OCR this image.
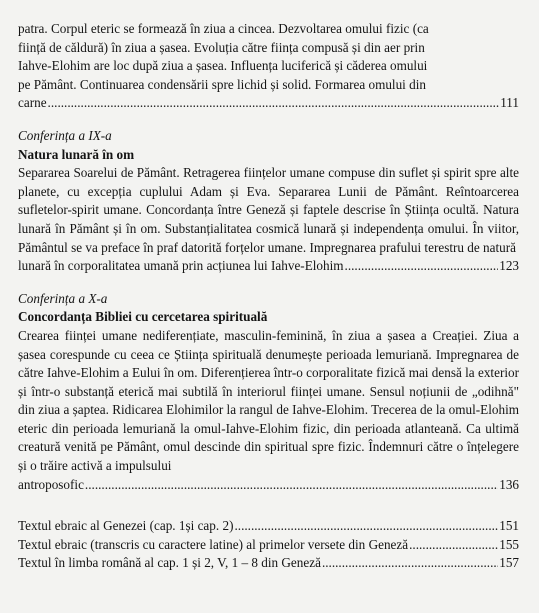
patra. Corpul eteric se formează în ziua a cincea. Dezvoltarea omului fizic (ca
ființă de căldură) în ziua a șasea. Evoluția către ființa compusă și din aer prin
Iahve-Elohim are loc după ziua a șasea. Influența luciferică și căderea omului
pe Pământ. Continuarea condensării spre lichid și solid. Formarea omului din
carne .....	111
Conferința a IX-a
Natura lunară în om

Separarea Soarelui de Pământ. Retragerea ființelor umane compuse din suflet și spirit spre alte planete, cu excepția cuplului Adam și Eva. Separarea Lunii de Pământ. Reîntoarcerea sufletelor-spirit umane. Concordanța între Geneză și faptele descrise în Știința ocultă. Natura lunară în Pământ și în om. Substanțialitatea cosmică lunară și independența omului. În viitor, Pământul se va preface în praf datorită forțelor umane. Impregnarea prafului terestru de natură

lunară în corporalitatea umană prin acțiunea lui Iahve-Elohim .....	123
Conferința a X-a
Concordanța Bibliei cu cercetarea spirituală

Crearea ființei umane nediferențiate, masculin-feminină, în ziua a șasea a Creației. Ziua a șasea corespunde cu ceea ce Știința spirituală denumește perioada lemuriană. Impregnarea de către Iahve-Elohim a Eului în om. Diferențierea într-o corporalitate fizică mai densă la exterior și într-o substanță eterică mai subtilă în interiorul ființei umane. Sensul noțiunii de „odihnă" din ziua a șaptea. Ridicarea Elohimilor la rangul de Iahve-Elohim. Trecerea de la omul-Elohim eteric din perioada lemuriană la omul-Iahve-Elohim fizic, din perioada atlanteană. Ca ultimă creatură venită pe Pământ, omul descinde din spiritual spre fizic. Îndemnuri către o înțelegere și o trăire activă a impulsului

antroposofic .....	136
Textul ebraic al Genezei (cap. 1și cap. 2) .....	151
Textul ebraic (transcris cu caractere latine) al primelor versete din Geneză .....	155
Textul în limba română al cap. 1 și 2, V, 1 – 8 din Geneză .....	157
